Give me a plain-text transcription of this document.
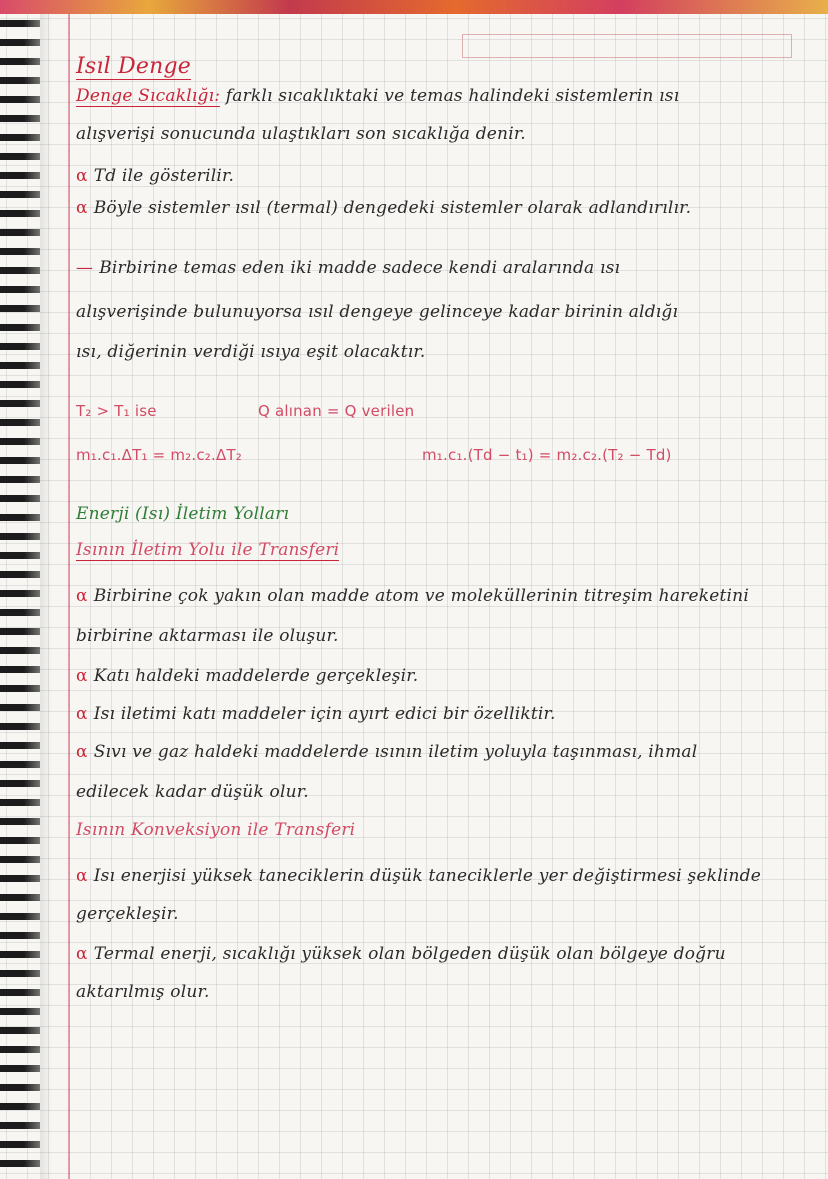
Isıl Denge
Denge Sıcaklığı: farklı sıcaklıktaki ve temas halindeki sistemlerin ısı
alışverişi sonucunda ulaştıkları son sıcaklığa denir.
α Td ile gösterilir.
α Böyle sistemler ısıl (termal) dengedeki sistemler olarak adlandırılır.
— Birbirine temas eden iki madde sadece kendi aralarında ısı
alışverişinde bulunuyorsa ısıl dengeye gelinceye kadar birinin aldığı
ısı, diğerinin verdiği ısıya eşit olacaktır.
T₂ > T₁ ise	Q alınan = Q verilen
m₁.c₁.ΔT₁ = m₂.c₂.ΔT₂	m₁.c₁.(Td − t₁) = m₂.c₂.(T₂ − Td)
Enerji (Isı) İletim Yolları
Isının İletim Yolu ile Transferi
α Birbirine çok yakın olan madde atom ve moleküllerinin titreşim hareketini
birbirine aktarması ile oluşur.
α Katı haldeki maddelerde gerçekleşir.
α Isı iletimi katı maddeler için ayırt edici bir özelliktir.
α Sıvı ve gaz haldeki maddelerde ısının iletim yoluyla taşınması, ihmal
edilecek kadar düşük olur.
Isının Konveksiyon ile Transferi
α Isı enerjisi yüksek taneciklerin düşük taneciklerle yer değiştirmesi şeklinde
gerçekleşir.
α Termal enerji, sıcaklığı yüksek olan bölgeden düşük olan bölgeye doğru
aktarılmış olur.
